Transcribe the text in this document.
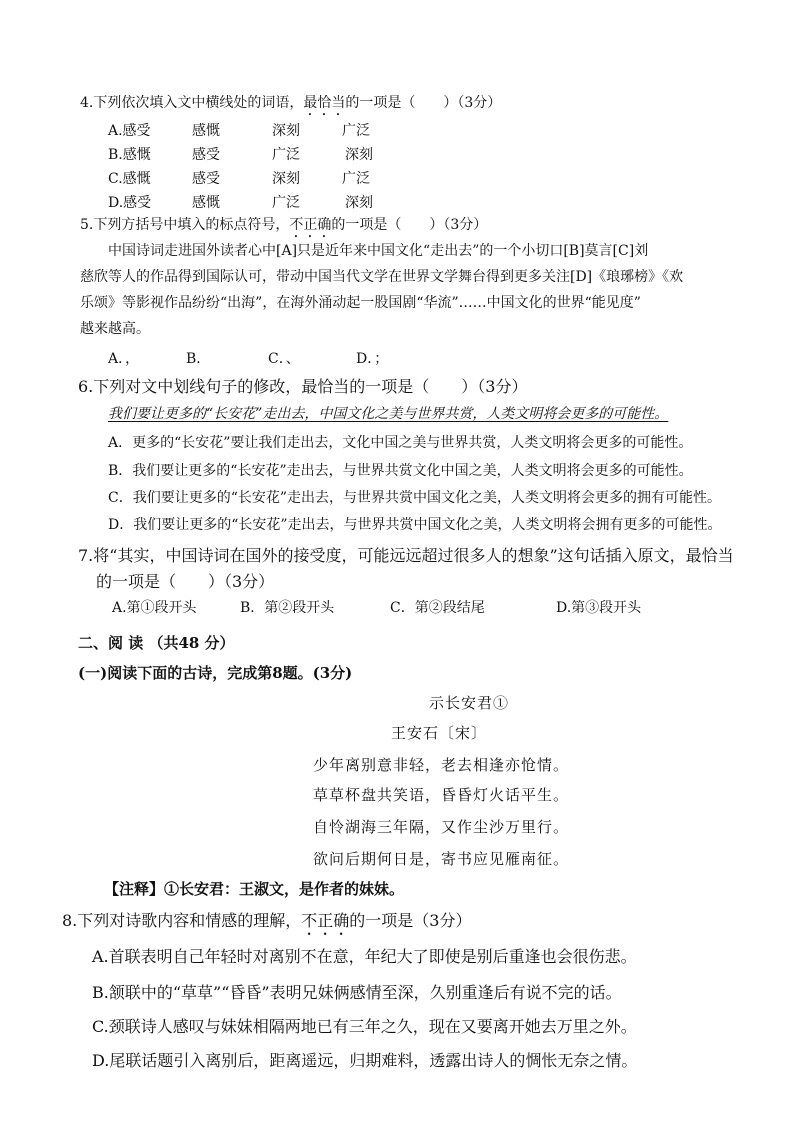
4.下列依次填入文中横线处的词语，最恰当的一项是（　　）（3分）
A.感受	感慨	深刻	广泛
B.感慨	感受	广泛	深刻
C.感慨	感受	深刻	广泛
D.感受	感慨	广泛	深刻
5.下列方括号中填入的标点符号，不正确的一项是（　　）（3分）
中国诗词走进国外读者心中[A]只是近年来中国文化“走出去”的一个小切口[B]莫言[C]刘
慈欣等人的作品得到国际认可，带动中国当代文学在世界文学舞台得到更多关注[D]《琅琊榜》《欢
乐颂》等影视作品纷纷“出海”，在海外涌动起一股国剧“华流”……中国文化的世界“能见度”
越来越高。
A．，	B．	C．、	D．；
6.下列对文中划线句子的修改，最恰当的一项是（　　）（3分）
我们要让更多的“长安花”走出去，中国文化之美与世界共赏，人类文明将会更多的可能性。
A．更多的“长安花”要让我们走出去，文化中国之美与世界共赏，人类文明将会更多的可能性。
B．我们要让更多的“长安花”走出去，与世界共赏文化中国之美，人类文明将会更多的可能性。
C．我们要让更多的“长安花”走出去，与世界共赏中国文化之美，人类文明将会更多的拥有可能性。
D．我们要让更多的“长安花”走出去，与世界共赏中国文化之美，人类文明将会拥有更多的可能性。
7.将“其实，中国诗词在国外的接受度，可能远远超过很多人的想象”这句话插入原文，最恰当
的一项是（　　）（3分）
A.第①段开头	B．第②段开头	C．第②段结尾	D.第③段开头
二、阅 读 （共48 分）
(一)阅读下面的古诗，完成第8题。(3分)
示长安君①
王安石〔宋〕
少年离别意非轻，老去相逢亦怆情。
草草杯盘共笑语，昏昏灯火话平生。
自怜湖海三年隔，又作尘沙万里行。
欲问后期何日是，寄书应见雁南征。
【注释】①长安君：王淑文，是作者的妹妹。
8.下列对诗歌内容和情感的理解，不正确的一项是（3分）
A.首联表明自己年轻时对离别不在意，年纪大了即使是别后重逢也会很伤悲。
B.颔联中的“草草”“昏昏”表明兄妹俩感情至深，久别重逢后有说不完的话。
C.颈联诗人感叹与妹妹相隔两地已有三年之久，现在又要离开她去万里之外。
D.尾联话题引入离别后，距离遥远，归期难料，透露出诗人的惆怅无奈之情。
